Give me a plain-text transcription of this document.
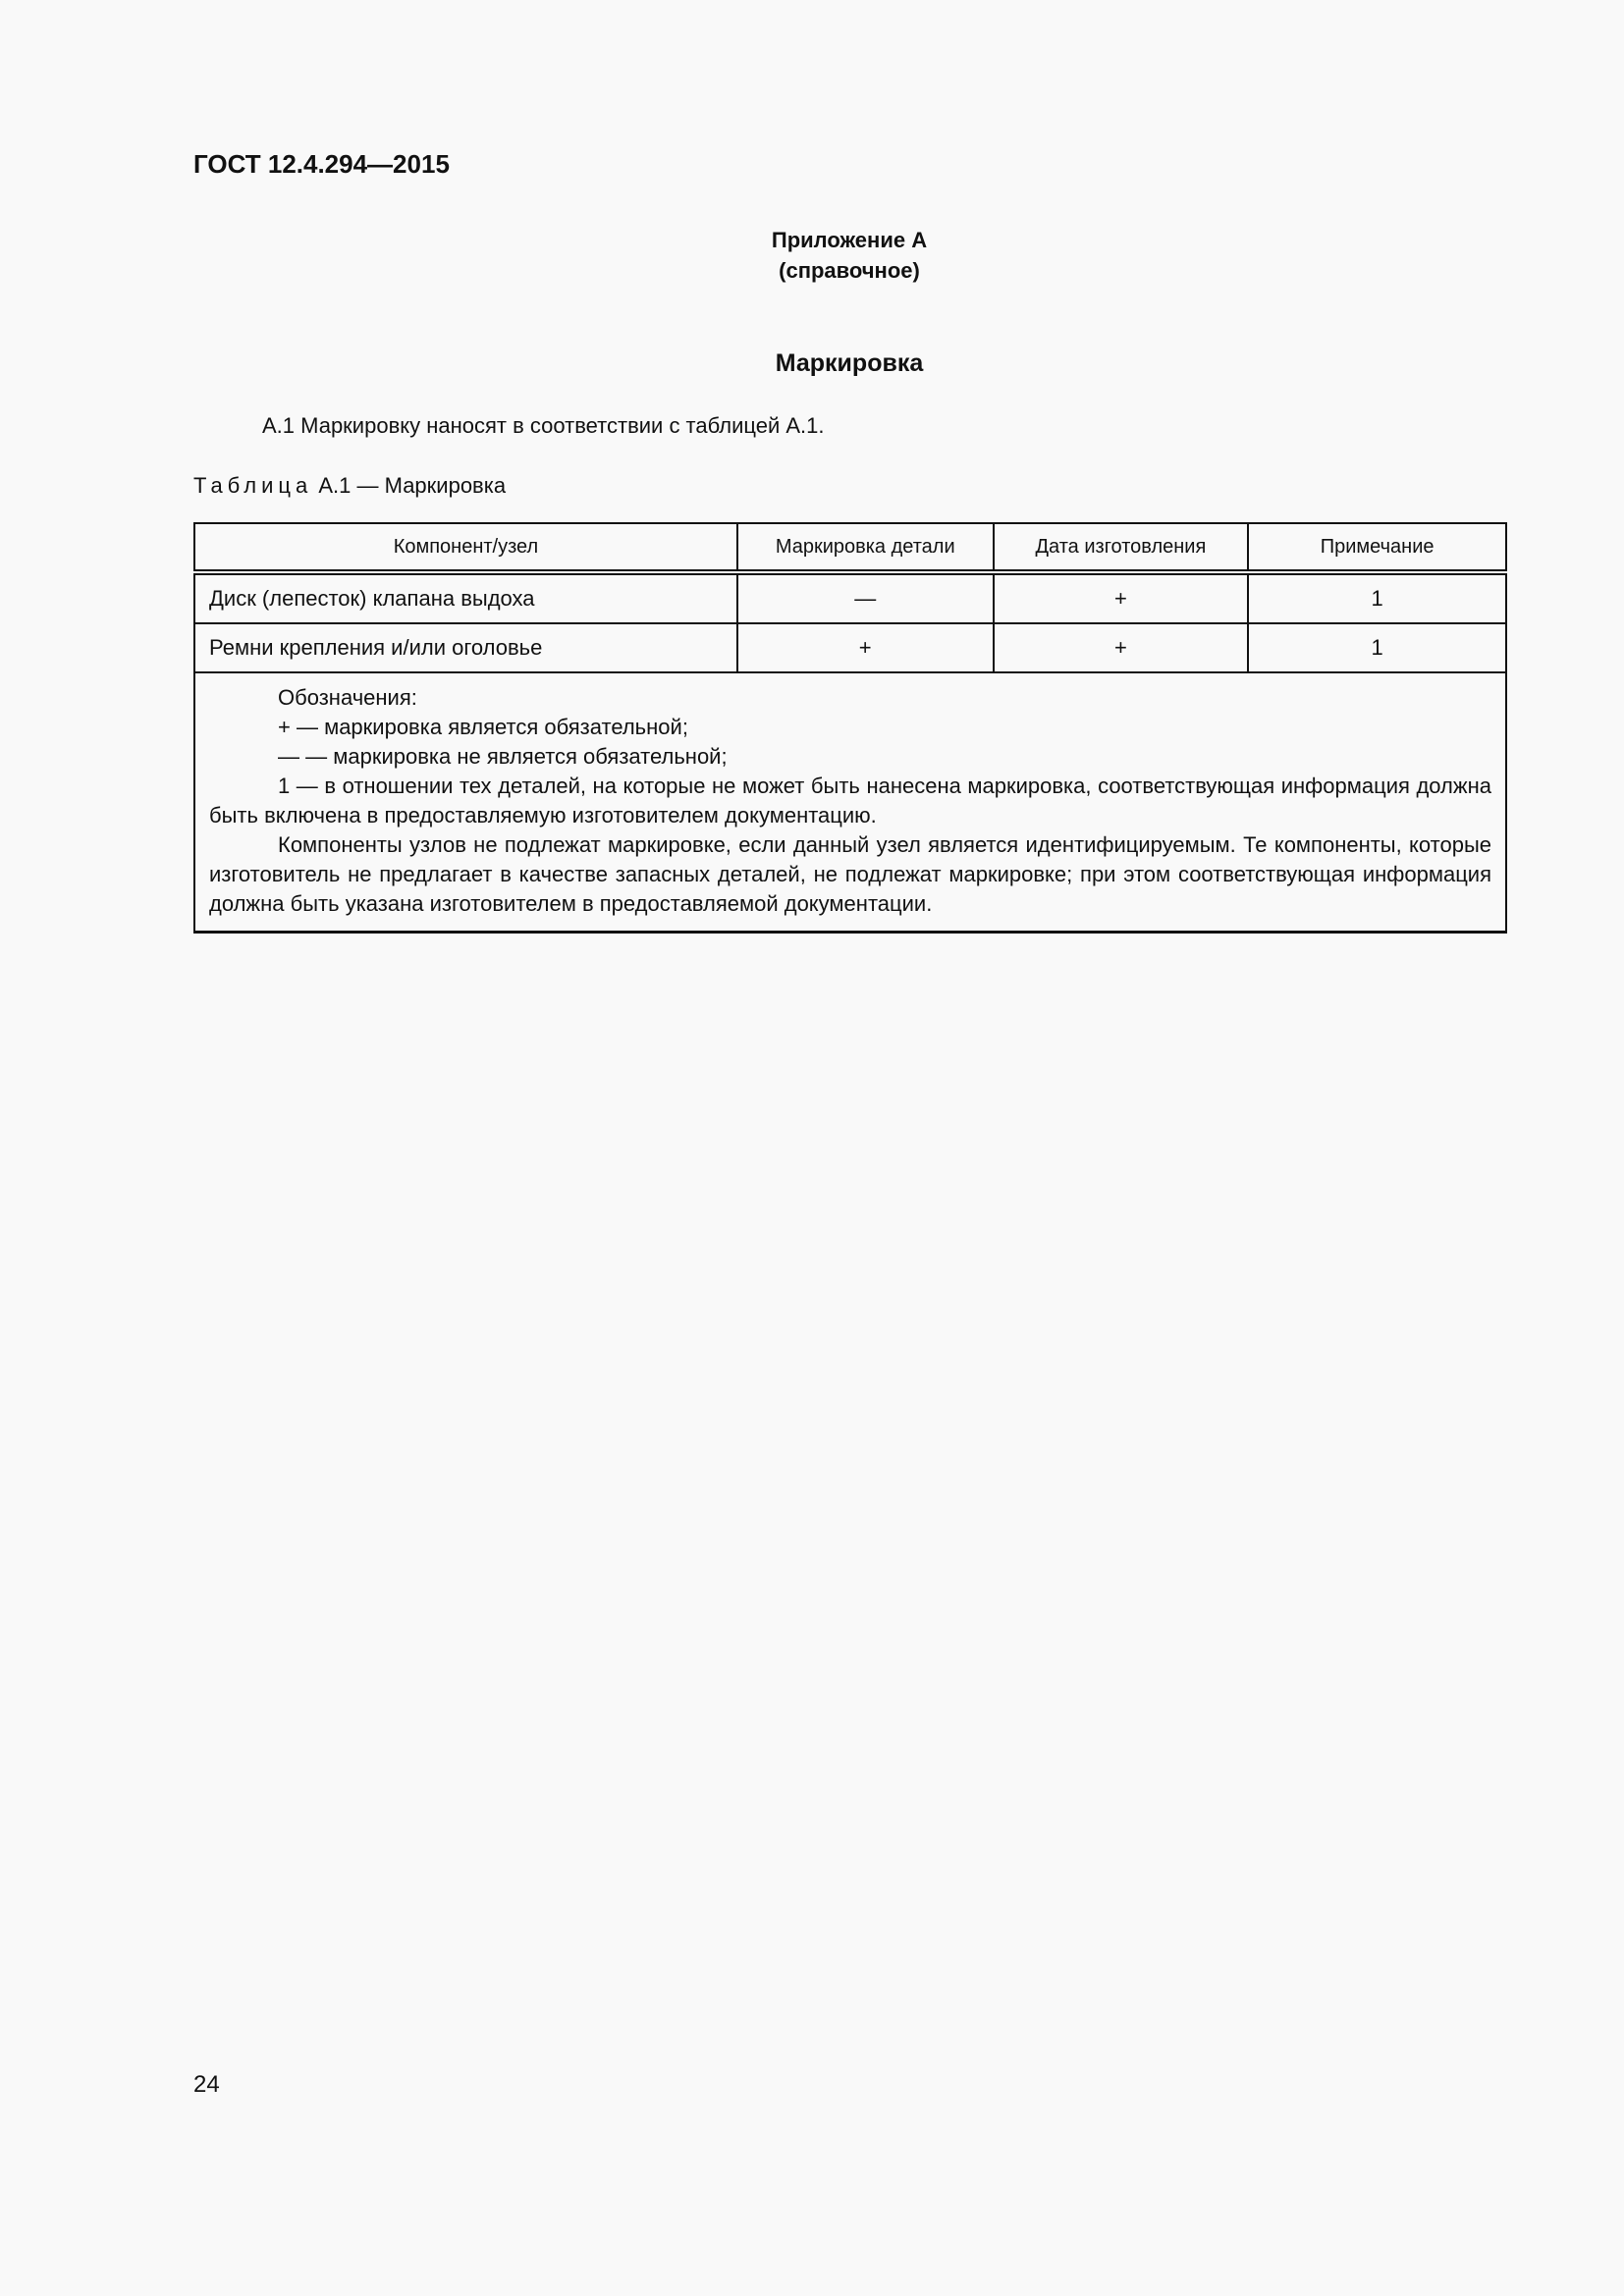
ГОСТ 12.4.294—2015
Приложение А
(справочное)
Маркировка
А.1 Маркировку наносят в соответствии с таблицей А.1.
Таблица А.1 — Маркировка
Компонент/узел	Маркировка детали	Дата изготовления	Примечание
Диск (лепесток) клапана выдоха	—	+	1
Ремни крепления и/или оголовье	+	+	1

Обозначения:
+ — маркировка является обязательной;
— — маркировка не является обязательной;
1 — в отношении тех деталей, на которые не может быть нанесена маркировка, соответствующая информация должна быть включена в предоставляемую изготовителем документацию.
Компоненты узлов не подлежат маркировке, если данный узел является идентифицируемым. Те компоненты, которые изготовитель не предлагает в качестве запасных деталей, не подлежат маркировке; при этом соответствующая информация должна быть указана изготовителем в предоставляемой документации.			
24
